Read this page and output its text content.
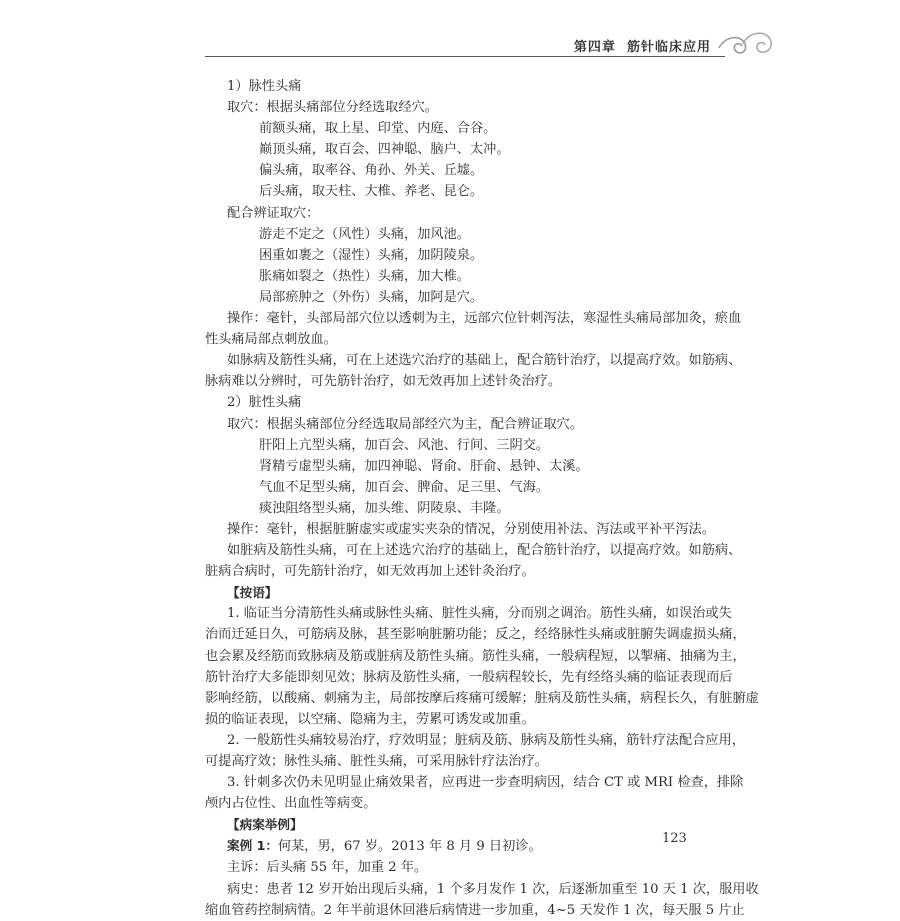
第四章 筋针临床应用
1）脉性头痛
取穴：根据头痛部位分经选取经穴。
前额头痛，取上星、印堂、内庭、合谷。
巅顶头痛，取百会、四神聪、脑户、太冲。
偏头痛，取率谷、角孙、外关、丘墟。
后头痛，取天柱、大椎、养老、昆仑。
配合辨证取穴：
游走不定之（风性）头痛，加风池。
困重如裹之（湿性）头痛，加阴陵泉。
胀痛如裂之（热性）头痛，加大椎。
局部瘀肿之（外伤）头痛，加阿是穴。
操作：毫针，头部局部穴位以透刺为主，远部穴位针刺泻法，寒湿性头痛局部加灸，瘀血
性头痛局部点刺放血。
如脉病及筋性头痛，可在上述选穴治疗的基础上，配合筋针治疗，以提高疗效。如筋病、
脉病难以分辨时，可先筋针治疗，如无效再加上述针灸治疗。
2）脏性头痛
取穴：根据头痛部位分经选取局部经穴为主，配合辨证取穴。
肝阳上亢型头痛，加百会、风池、行间、三阴交。
肾精亏虚型头痛，加四神聪、肾俞、肝俞、悬钟、太溪。
气血不足型头痛，加百会、脾俞、足三里、气海。
痰浊阻络型头痛，加头维、阴陵泉、丰隆。
操作：毫针，根据脏腑虚实或虚实夹杂的情况，分别使用补法、泻法或平补平泻法。
如脏病及筋性头痛，可在上述选穴治疗的基础上，配合筋针治疗，以提高疗效。如筋病、
脏病合病时，可先筋针治疗，如无效再加上述针灸治疗。
【按语】
1. 临证当分清筋性头痛或脉性头痛、脏性头痛，分而别之调治。筋性头痛，如误治或失
治而迁延日久，可筋病及脉，甚至影响脏腑功能；反之，经络脉性头痛或脏腑失调虚损头痛，
也会累及经筋而致脉病及筋或脏病及筋性头痛。筋性头痛，一般病程短，以掣痛、抽痛为主，
筋针治疗大多能即刻见效；脉病及筋性头痛，一般病程较长，先有经络头痛的临证表现而后
影响经筋，以酸痛、刺痛为主，局部按摩后疼痛可缓解；脏病及筋性头痛，病程长久，有脏腑虚
损的临证表现，以空痛、隐痛为主，劳累可诱发或加重。
2. 一般筋性头痛较易治疗，疗效明显；脏病及筋、脉病及筋性头痛，筋针疗法配合应用，
可提高疗效；脉性头痛、脏性头痛，可采用脉针疗法治疗。
3. 针刺多次仍未见明显止痛效果者，应再进一步查明病因，结合 CT 或 MRI 检查，排除
颅内占位性、出血性等病变。
【病案举例】
案例 1：何某，男，67 岁。2013 年 8 月 9 日初诊。
主诉：后头痛 55 年，加重 2 年。
病史：患者 12 岁开始出现后头痛，1 个多月发作 1 次，后逐渐加重至 10 天 1 次，服用收
缩血管药控制病情。2 年半前退休回港后病情进一步加重，4~5 天发作 1 次，每天服 5 片止
123
